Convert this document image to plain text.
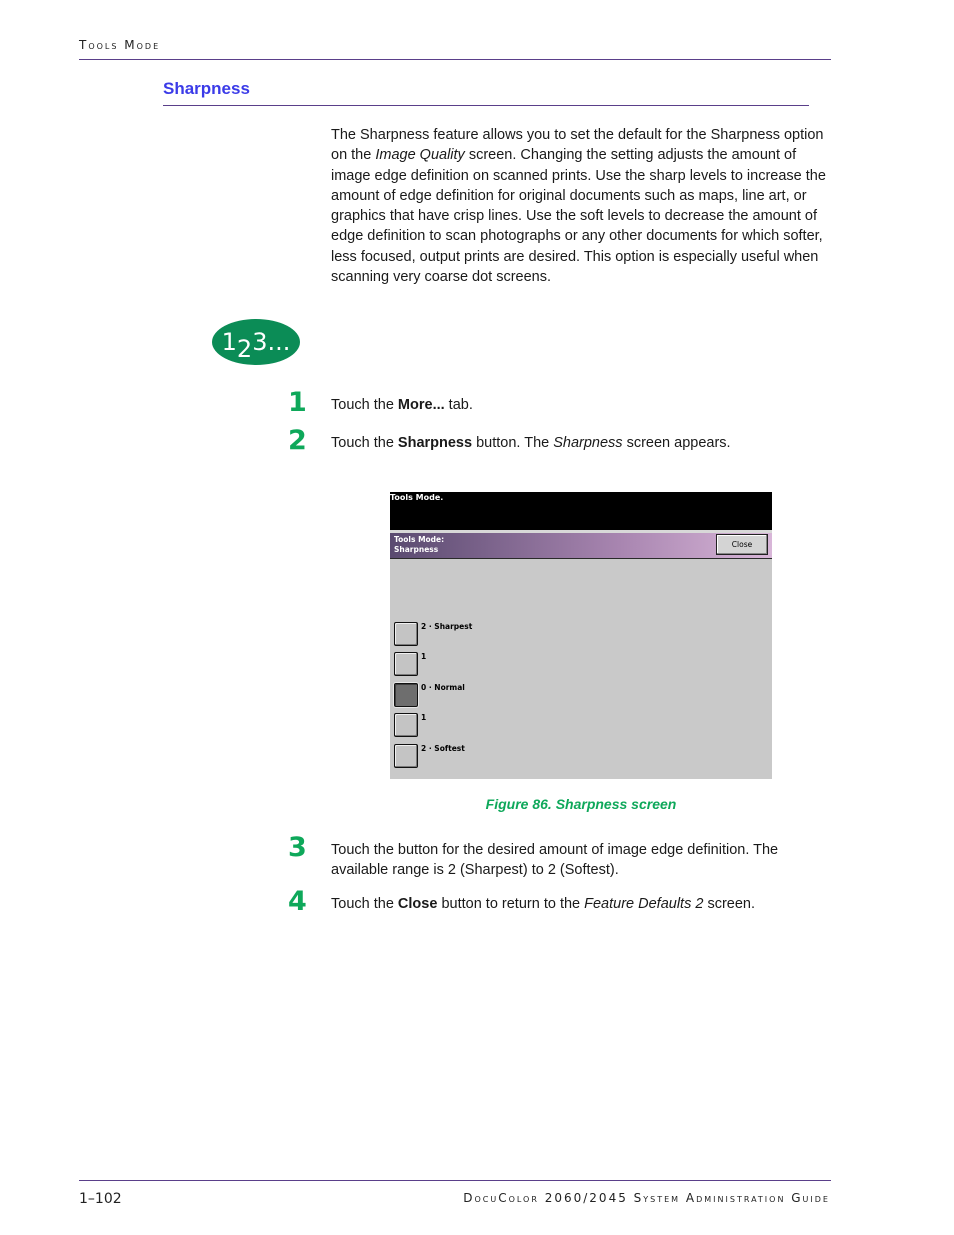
Tools Mode
Sharpness
The Sharpness feature allows you to set the default for the Sharpness option on the Image Quality screen. Changing the setting adjusts the amount of image edge definition on scanned prints. Use the sharp levels to increase the amount of edge definition for original documents such as maps, line art, or graphics that have crisp lines. Use the soft levels to decrease the amount of edge definition to scan photographs or any other documents for which softer, less focused, output prints are desired. This option is especially useful when scanning very coarse dot screens.
1 2 3...
1 Touch the More... tab.
2 Touch the Sharpness button. The Sharpness screen appears.
Tools Mode.
Tools Mode:
Sharpness
Close
2 · Sharpest
1
0 · Normal
1
2 · Softest
Figure 86. Sharpness screen
3 Touch the button for the desired amount of image edge definition. The available range is 2 (Sharpest) to 2 (Softest).
4 Touch the Close button to return to the Feature Defaults 2 screen.
1–102	DocuColor 2060/2045 System Administration Guide
